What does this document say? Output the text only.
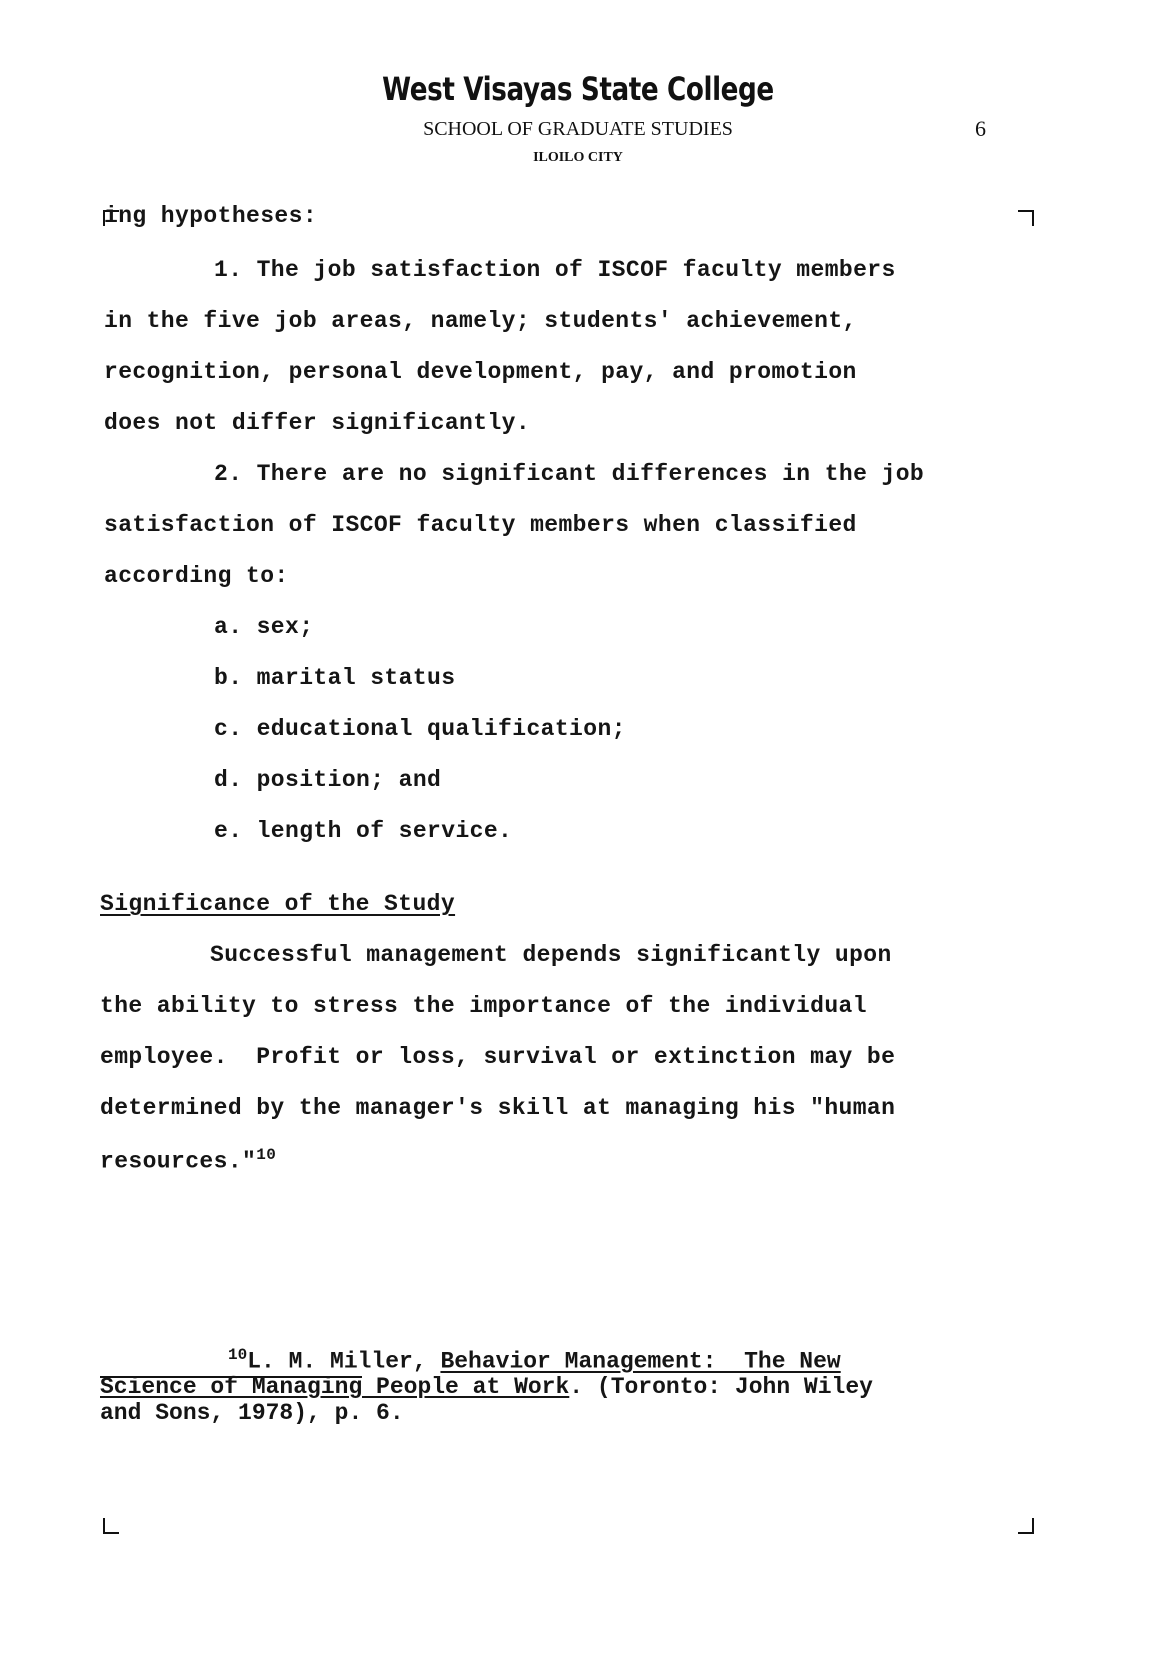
West Visayas State College
SCHOOL OF GRADUATE STUDIES
ILOILO CITY
6
ing hypotheses:
1. The job satisfaction of ISCOF faculty members
in the five job areas, namely; students' achievement,
recognition, personal development, pay, and promotion
does not differ significantly.
2. There are no significant differences in the job
satisfaction of ISCOF faculty members when classified
according to:
a. sex;
b. marital status
c. educational qualification;
d. position; and
e. length of service.
Significance of the Study
Successful management depends significantly upon
the ability to stress the importance of the individual
employee.  Profit or loss, survival or extinction may be
determined by the manager's skill at managing his "human
resources."$^{10}$
$^{10}$L. M. Miller, Behavior Management:  The New
Science of Managing People at Work. (Toronto: John Wiley
and Sons, 1978), p. 6.
